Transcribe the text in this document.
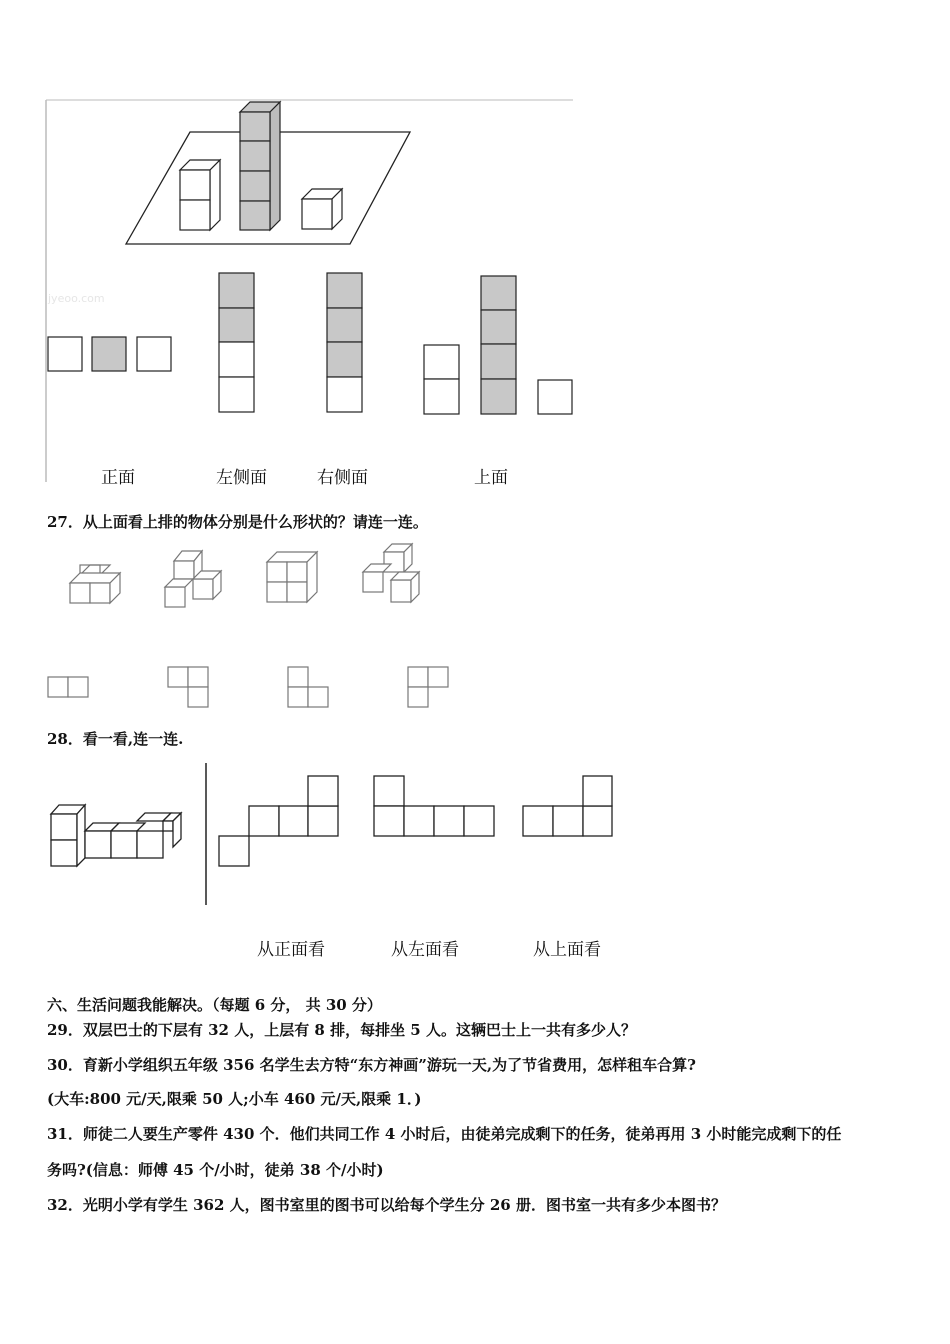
jyeoo.com
正面	左侧面	右侧面	上面
27．从上面看上排的物体分别是什么形状的？请连一连。
28．看一看,连一连.
从正面看	从左面看	从上面看
六、生活问题我能解决。（每题 6 分， 共 30 分）
29．双层巴士的下层有 32 人，上层有 8 排，每排坐 5 人。这辆巴士上一共有多少人？
30．育新小学组织五年级 356 名学生去方特“东方神画”游玩一天,为了节省费用，怎样租车合算?
(大车:800 元/天,限乘 50 人;小车 460 元/天,限乘 1．)
31．师徒二人要生产零件 430 个．他们共同工作 4 小时后，由徒弟完成剩下的任务，徒弟再用 3 小时能完成剩下的任
务吗?(信息：师傅 45 个/小时，徒弟 38 个/小时)
32．光明小学有学生 362 人，图书室里的图书可以给每个学生分 26 册．图书室一共有多少本图书？
